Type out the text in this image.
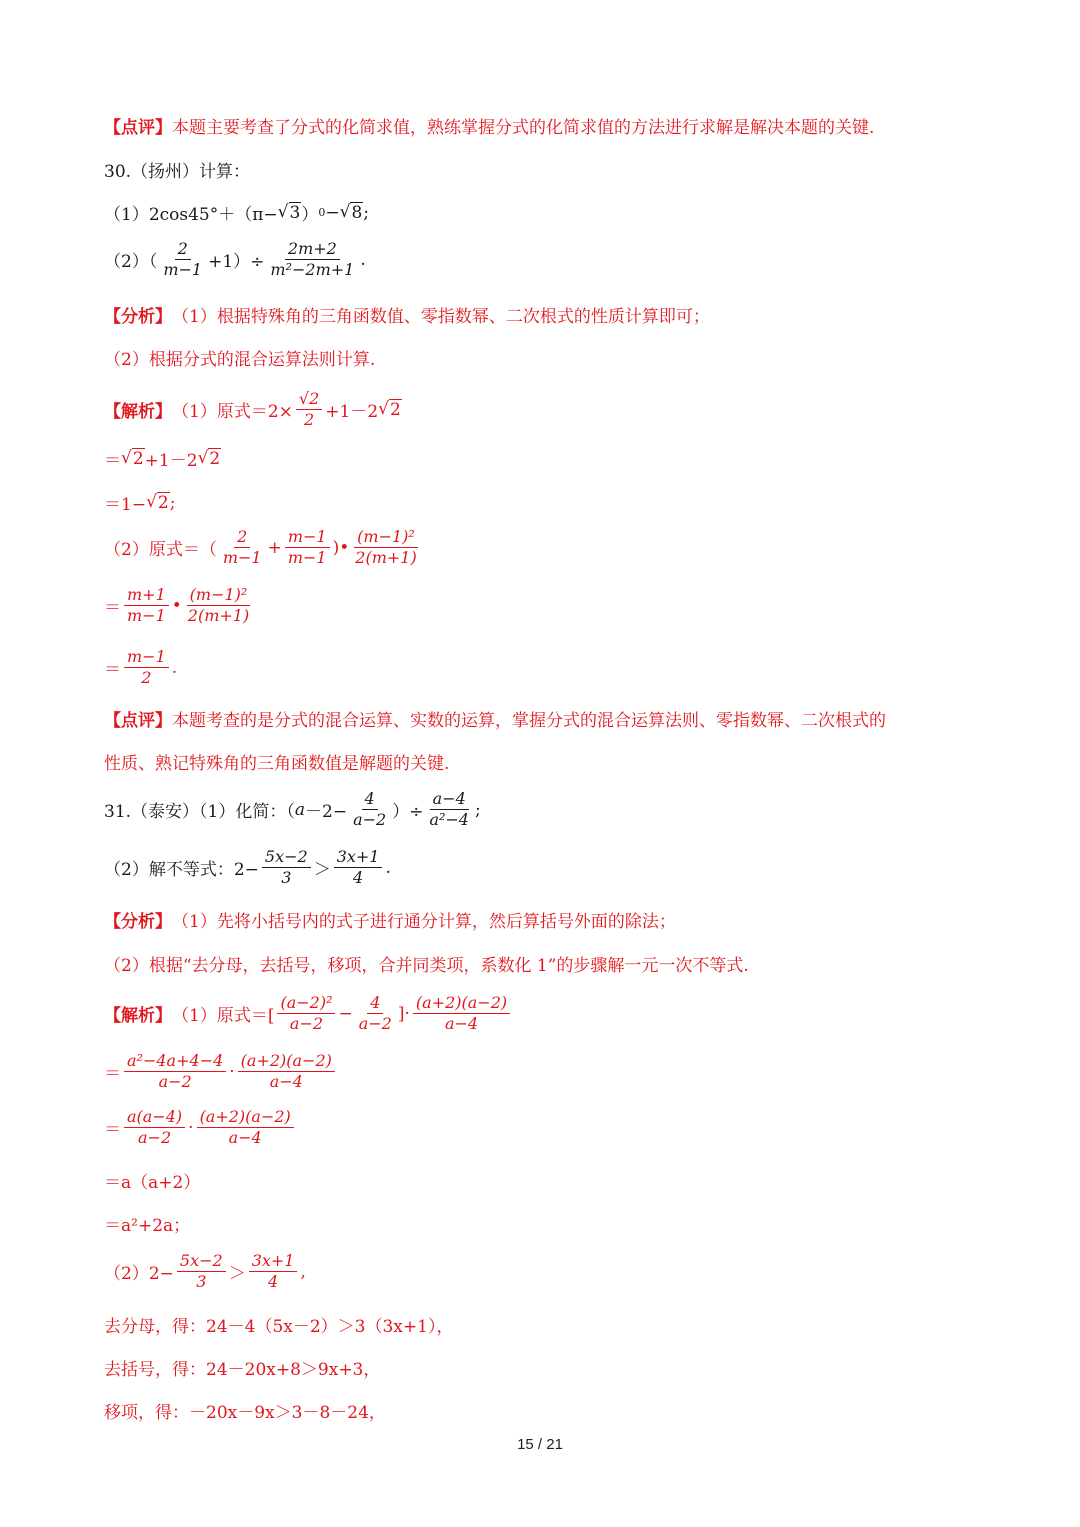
【点评】 本题主要考查了分式的化简求值，熟练掌握分式的化简求值的方法进行求解是解决本题的关键.
30.（扬州）计算：
（1）2cos45°＋（π− √ 3 ） 0 − √ 8 ;
$(2)( \frac{2}{m-1} +1)\div \frac{2m+2}{\text{m²−2m+1}}$ .
【分析】 （1）根据特殊角的三角函数值、零指数幂、二次根式的性质计算即可；
（2）根据分式的混合运算法则计算.
【解析】 （1）原式$=2\times \frac{√2}{2} +1-2$ √ 2
＝ √ 2 +1－2 √ 2
＝1− √ 2 ;
（2）原式＝（ $\frac{2}{m-1} + \frac{m-1}{m-1}$ )• $\frac{\text{(m−1)²}}{2(m+1)}$
＝ $\frac{m+1}{m-1}$ • $\frac{\text{(m−1)²}}{2(m+1)}$
＝ $\frac{m-1}{2}$ .
【点评】 本题考查的是分式的混合运算、实数的运算，掌握分式的混合运算法则、零指数幂、二次根式的
性质、熟记特殊角的三角函数值是解题的关键.
31.（泰安）（1）化简：（ $a -2- \frac{4}{a-2}$ ）÷ $\frac{a-4}{\text{a²−4}}$ ;
（2）解不等式：$2- \frac{5x-2}{3} > \frac{3x+1}{4}$ .
【分析】 （1）先将小括号内的式子进行通分计算，然后算括号外面的除法；
（2）根据“去分母，去括号，移项，合并同类项，系数化 1”的步骤解一元一次不等式.
【解析】 （1）原式＝[ $\frac{\text{(a−2)²}}{a-2} - \frac{4}{a-2}$ ]· $\frac{(a+2)(a-2)}{a-4}$
＝ $\frac{\text{a²−4a+4−4}}{a-2} \cdot \frac{(a+2)(a-2)}{a-4}$
＝ $\frac{a(a-4)}{a-2} \cdot \frac{(a+2)(a-2)}{a-4}$
＝a（a+2）
＝a²+2a；
$(2)2- \frac{5x-2}{3} > \frac{3x+1}{4}$ ,
去分母，得：24－4（5x－2）＞3（3x+1），
去括号，得：24－20x+8＞9x+3，
移项，得：－20x－9x＞3－8－24，
15 / 21
